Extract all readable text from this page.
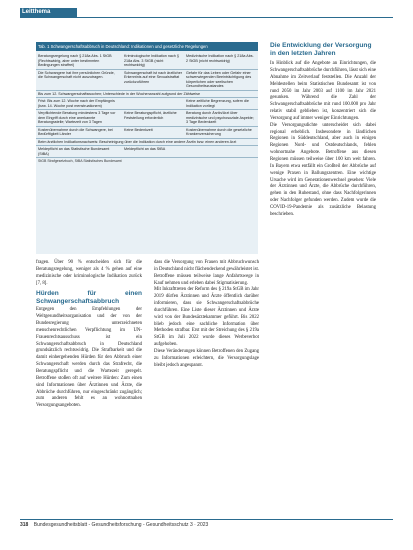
Leitthema
Tab. 1 Schwangerschaftsabbruch in Deutschland: Indikationen und gesetzliche Regelungen
Beratungsregelung nach § 218a Abs. 1 StGB (Rechtswidrig, aber unter bestimmten Bedingungen straffrei)
Kriminologische Indikation nach § 218a Abs. 3 StGB (nicht rechtswidrig)
Medizinische Indikation nach § 218a Abs. 2 StGB (nicht rechtswidrig)
Die Schwangere hat ihre persönlichen Gründe, die Schwangerschaft nicht auszutragen.
Schwangerschaft ist nach ärztlicher Erkenntnis auf eine Sexualstraftat zurückzuführen
Gefahr für das Leben oder Gefahr einer schwerwiegenden Beeinträchtigung des körperlichen oder seelischen Gesundheitszustandes
Bis zum 12. Schwangerschaftswochen; Unterschiede in der Wochenanzahl aufgrund der Zählweise
Frist: Bis zum 12. Woche nach der Empfängnis (bzw. 14. Woche post menstruationem)
Keine zeitliche Begrenzung, sofern die Indikation vorliegt
Verpflichtende Beratung mindestens 3 Tage vor dem Eingriff durch eine anerkannte Beratungsstelle; Wartezeit von 3 Tagen
Keine Beratungspflicht, ärztliche Feststellung erforderlich
Beratung durch Ärztin/Arzt über medizinische und psychosoziale Aspekte; 3 Tage Bedenkzeit
Kostenübernahme durch die Schwangere, bei Bedürftigkeit Länder
Keine Bedenkzeit	Kostenübernahme durch die gesetzliche Krankenversicherung
Beim ärztlichen Indikationsnachweis: Bescheinigung über die Indikation durch eine andere Ärztin bzw. einen anderen Arzt
Meldepflicht an das Statistische Bundesamt (StBA)
Meldepflicht an das StBA
StGB Strafgesetzbuch, StBA Statistisches Bundesamt

fragen. Über 90 % entscheiden sich für die Beratungsregelung, weniger als 4 % gehen auf eine medizinische oder kriminologische Indikation zurück [7, 8].

Hürden für einen Schwangerschaftsabbruch

Entgegen den Empfehlungen der Weltgesundheitsorganisation und der von der Bundesregierung unterzeichneten menschenrechtlichen Verpflichtung im UN-Frauenrechtsausschuss ist ein Schwangerschaftsabbruch in Deutschland grundsätzlich rechtswidrig. Die Strafbarkeit und die damit einhergehenden Hürden für den Abbruch einer Schwangerschaft werden durch das Strafrecht, die Beratungspflicht und die Wartezeit geregelt. Betroffene stoßen oft auf weitere Hürden: Zum einen sind Informationen über Ärztinnen und Ärzte, die Abbrüche durchführen, nur eingeschränkt zugänglich; zum anderen fehlt es an wohnortnahen Versorgungsangeboten.

dass die Versorgung von Frauen mit Abbruchwunsch in Deutschland nicht flächendeckend gewährleistet ist. Betroffene müssen teilweise lange Anfahrtswege in Kauf nehmen und erleben dabei Stigmatisierung.

Mit Inkrafttreten der Reform des § 219a StGB im Jahr 2019 dürfen Ärztinnen und Ärzte öffentlich darüber informieren, dass sie Schwangerschaftsabbrüche durchführen. Eine Liste dieser Ärztinnen und Ärzte wird von der Bundesärztekammer geführt. Bis 2022 blieb jedoch eine sachliche Information über Methoden strafbar. Erst mit der Streichung des § 219a StGB im Juli 2022 wurde dieses Werbeverbot aufgehoben.

Diese Veränderungen können Betroffenen den Zugang zu Informationen erleichtern, die Versorgungslage bleibt jedoch angespannt.

Die Entwicklung der Versorgung in den letzten Jahren

In Hinblick auf die Angebote an Einrichtungen, die Schwangerschaftsabbrüche durchführen, lässt sich eine Abnahme im Zeitverlauf feststellen. Die Anzahl der Meldestellen beim Statistischen Bundesamt ist von rund 2050 im Jahr 2003 auf 1100 im Jahr 2021 gesunken. Während die Zahl der Schwangerschaftsabbrüche mit rund 100.000 pro Jahr relativ stabil geblieben ist, konzentriert sich die Versorgung auf immer weniger Einrichtungen.

Die Versorgungsdichte unterscheidet sich dabei regional erheblich. Insbesondere in ländlichen Regionen in Süddeutschland, aber auch in einigen Regionen Nord- und Ostdeutschlands, fehlen wohnortnahe Angebote. Betroffene aus diesen Regionen müssen teilweise über 100 km weit fahren. In Bayern etwa entfällt ein Großteil der Abbrüche auf wenige Praxen in Ballungszentren. Eine wichtige Ursache wird im Generationenwechsel gesehen: Viele der Ärztinnen und Ärzte, die Abbrüche durchführen, gehen in den Ruhestand, ohne dass Nachfolgerinnen oder Nachfolger gefunden werden. Zudem wurde die COVID-19-Pandemie als zusätzliche Belastung beschrieben.

318 Bundesgesundheitsblatt - Gesundheitsforschung - Gesundheitsschutz 3 · 2023
